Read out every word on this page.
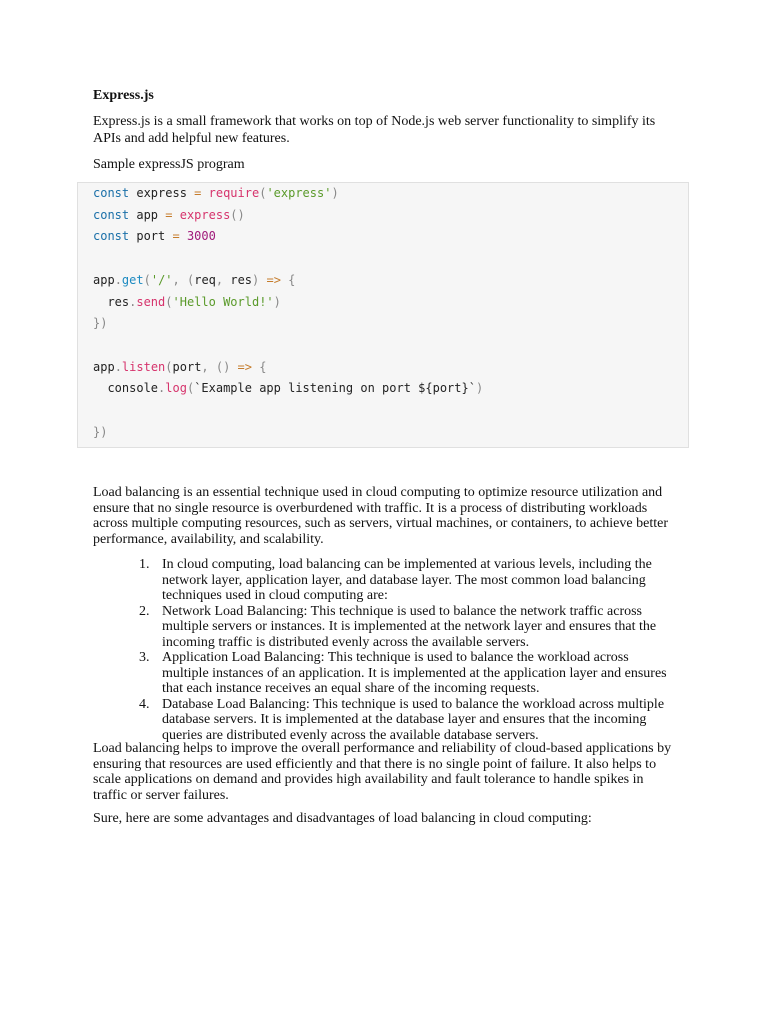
Express.js

Express.js is a small framework that works on top of Node.js web server functionality to simplify its APIs and add helpful new features.

Sample expressJS program

const express = require('express')
const app = express()
const port = 3000

app.get('/', (req, res) => {
res.send('Hello World!')
})

app.listen(port, () => {
console.log(`Example app listening on port ${port}`)

})

Load balancing is an essential technique used in cloud computing to optimize resource utilization and ensure that no single resource is overburdened with traffic. It is a process of distributing workloads across multiple computing resources, such as servers, virtual machines, or containers, to achieve better performance, availability, and scalability.

1. In cloud computing, load balancing can be implemented at various levels, including the network layer, application layer, and database layer. The most common load balancing techniques used in cloud computing are:
2. Network Load Balancing: This technique is used to balance the network traffic across multiple servers or instances. It is implemented at the network layer and ensures that the incoming traffic is distributed evenly across the available servers.
3. Application Load Balancing: This technique is used to balance the workload across multiple instances of an application. It is implemented at the application layer and ensures that each instance receives an equal share of the incoming requests.
4. Database Load Balancing: This technique is used to balance the workload across multiple database servers. It is implemented at the database layer and ensures that the incoming queries are distributed evenly across the available database servers.

Load balancing helps to improve the overall performance and reliability of cloud-based applications by ensuring that resources are used efficiently and that there is no single point of failure. It also helps to scale applications on demand and provides high availability and fault tolerance to handle spikes in traffic or server failures.

Sure, here are some advantages and disadvantages of load balancing in cloud computing:
